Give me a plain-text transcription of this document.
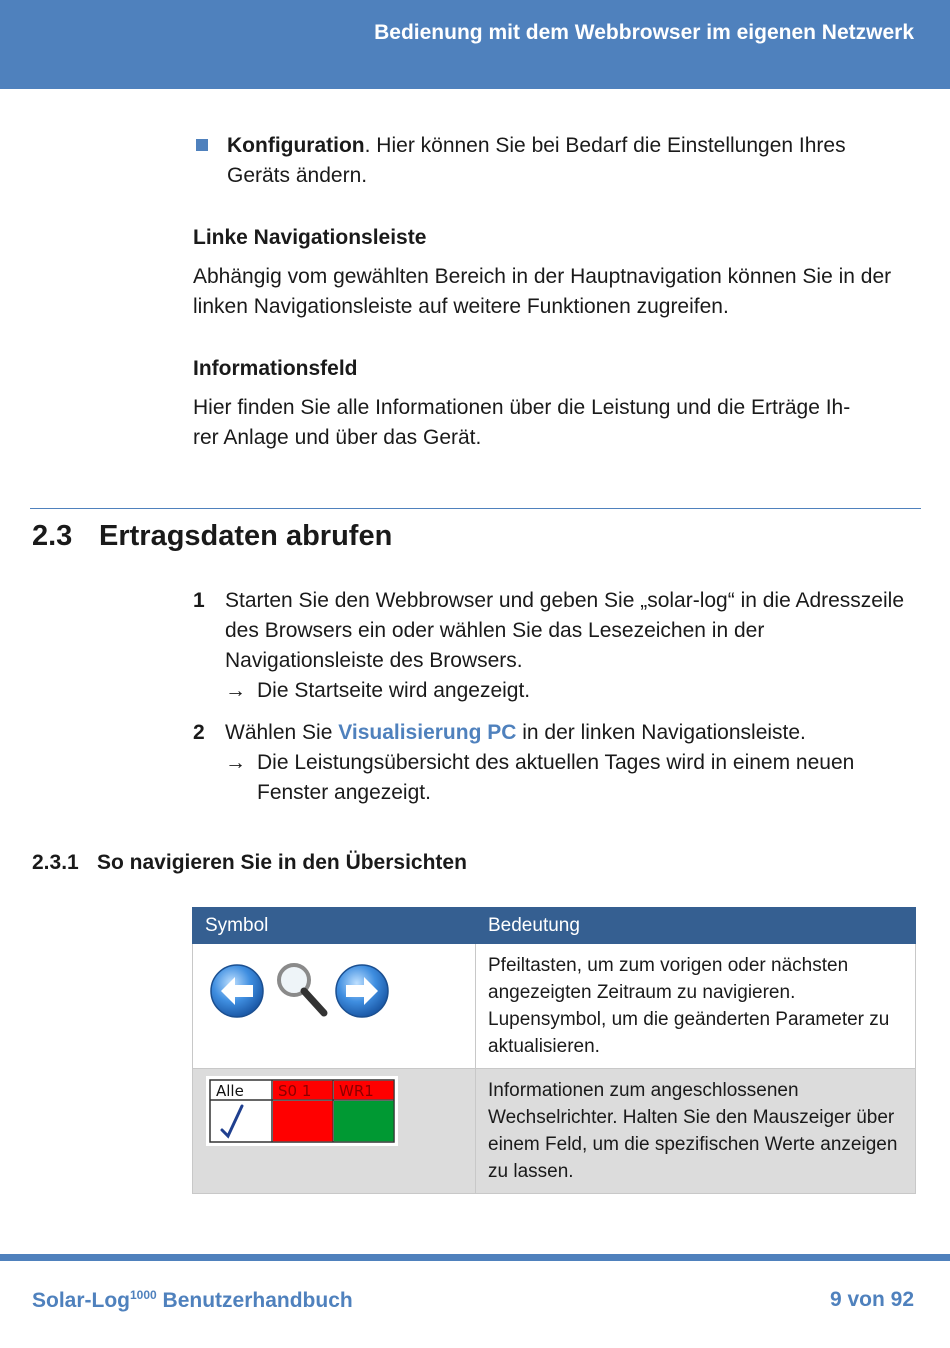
Bedienung mit dem Webbrowser im eigenen Netzwerk
Konfiguration. Hier können Sie bei Bedarf die Einstellungen Ihres Geräts ändern.
Linke Navigationsleiste
Abhängig vom gewählten Bereich in der Hauptnavigation können Sie in der linken Navigationsleiste auf weitere Funktionen zugreifen.
Informationsfeld
Hier finden Sie alle Informationen über die Leistung und die Erträge Ih-
rer Anlage und über das Gerät.
2.3 Ertragsdaten abrufen
1 Starten Sie den Webbrowser und geben Sie „solar-log“ in die Adresszeile des Browsers ein oder wählen Sie das Lesezeichen in der Navigationsleiste des Browsers.
→ Die Startseite wird angezeigt.
2 Wählen Sie Visualisierung PC in der linken Navigationsleiste.
→ Die Leistungsübersicht des aktuellen Tages wird in einem neuen Fenster angezeigt.
2.3.1 So navigieren Sie in den Übersichten
Symbol	Bedeutung

	Pfeiltasten, um zum vorigen oder nächsten angezeigten Zeitraum zu navigieren. Lupensymbol, um die geänderten Parameter zu aktualisieren.

Alle S0 1 WR1	Informationen zum angeschlossenen Wechselrichter. Halten Sie den Mauszeiger über einem Feld, um die spezifischen Werte anzeigen zu lassen.
Solar-Log$^{1000}$ Benutzerhandbuch	9 von 92
